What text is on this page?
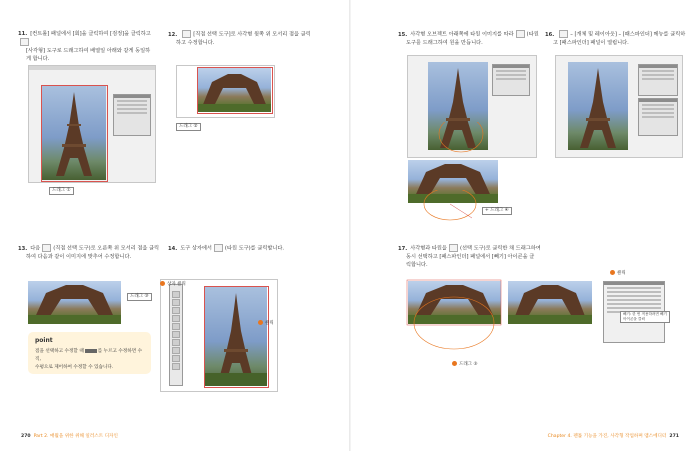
11. [컨트롤] 패널에서 [회]을 클릭하여 [검정]을 클릭하고
[사각형] 도구로 드래그하여 배열일 아래와 같게 동일하
게 합니다.
드래그 ①
12.	[직접 선택 도구]로 사각형 윗쪽 위 모서리 점을 클릭
하고 수정합니다.
드래그 ②
13. 다음	(직접 선택 도구)로 오른쪽 위 모서리 점을 클릭
하여 다음과 같이 이미지에 맞추어 수정합니다.
드래그 ③
point
점을 선택하고 수정할 때	를 누르고 수정하면 수직,
수평으로 제어하여 수정할 수 있습니다.
14. 도구 상자에서	(타원 도구)를 클릭합니다.
상자 클릭
클릭
15. 사각형 오브젝트 아래쪽에 타원 이미지를 따라	(타원
도구를 드래그하여 원을 만듭니다.
+ 드래그 ④
16.	– [개체 및 레이아웃] – [패스파인더] 메뉴를 클릭하
고 [패스파인더] 패널이 열립니다.
17. 사각형과 타원을	(선택 도구)로 클릭한 채 드래그하여
동시 선택하고 [패스파인더] 패널에서 [빼기] 아이콘을 클
릭합니다.
드래그 ⑤
클릭
빼기: 한 번 적용하려면 빼기 아이콘을 클릭
270 Part 2. 매월을 위한 위해 일러스트 디자인	Chapter 4. 펜툴 기능을 가진, 사각형 작업하며 맵스에디터 271
